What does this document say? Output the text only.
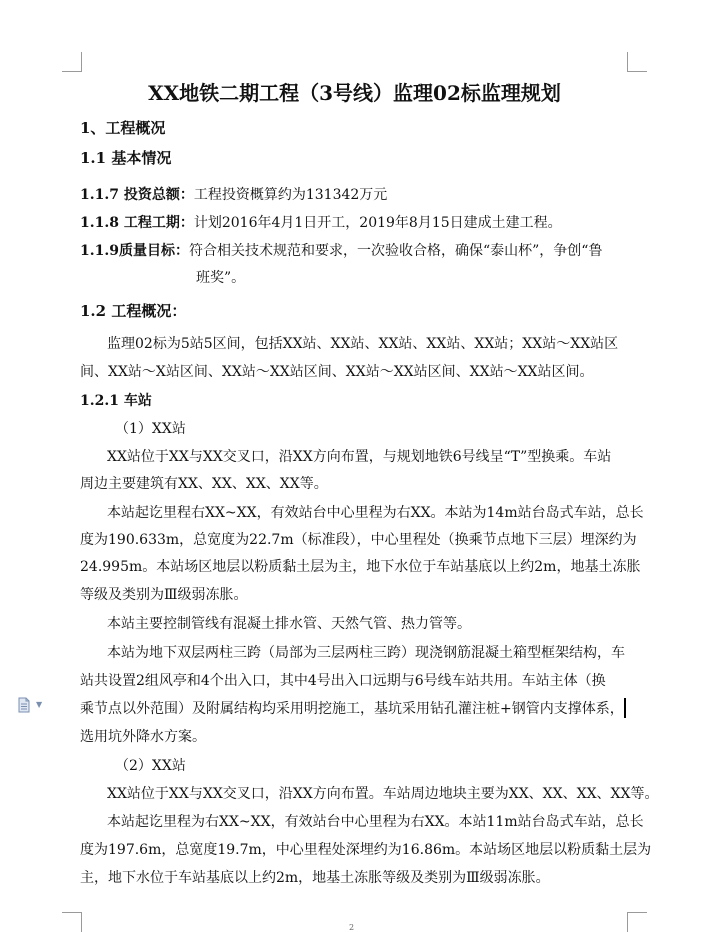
XX地铁二期工程（3号线）监理02标监理规划
1、工程概况
1.1 基本情况
1.1.7 投资总额：工程投资概算约为131342万元
1.1.8 工程工期：计划2016年4月1日开工，2019年8月15日建成土建工程。
1.1.9质量目标：符合相关技术规范和要求，一次验收合格，确保“泰山杯”，争创“鲁
班奖”。
1.2 工程概况：
监理02标为5站5区间，包括XX站、XX站、XX站、XX站、XX站；XX站～XX站区
间、XX站～X站区间、XX站～XX站区间、XX站～XX站区间、XX站～XX站区间。
1.2.1 车站
（1）XX站
XX站位于XX与XX交叉口，沿XX方向布置，与规划地铁6号线呈“T”型换乘。车站
周边主要建筑有XX、XX、XX、XX等。
本站起讫里程右XX~XX，有效站台中心里程为右XX。本站为14m站台岛式车站，总长
度为190.633m，总宽度为22.7m（标准段），中心里程处（换乘节点地下三层）埋深约为
24.995m。本站场区地层以粉质黏土层为主，地下水位于车站基底以上约2m，地基土冻胀
等级及类别为Ⅲ级弱冻胀。
本站主要控制管线有混凝土排水管、天然气管、热力管等。
本站为地下双层两柱三跨（局部为三层两柱三跨）现浇钢筋混凝土箱型框架结构，车
站共设置2组风亭和4个出入口，其中4号出入口远期与6号线车站共用。车站主体（换
乘节点以外范围）及附属结构均采用明挖施工，基坑采用钻孔灌注桩+钢管内支撑体系，
选用坑外降水方案。
（2）XX站
XX站位于XX与XX交叉口，沿XX方向布置。车站周边地块主要为XX、XX、XX、XX等。
本站起讫里程为右XX~XX，有效站台中心里程为右XX。本站11m站台岛式车站，总长
度为197.6m，总宽度19.7m，中心里程处深埋约为16.86m。本站场区地层以粉质黏土层为
主，地下水位于车站基底以上约2m，地基土冻胀等级及类别为Ⅲ级弱冻胀。
▼
2
